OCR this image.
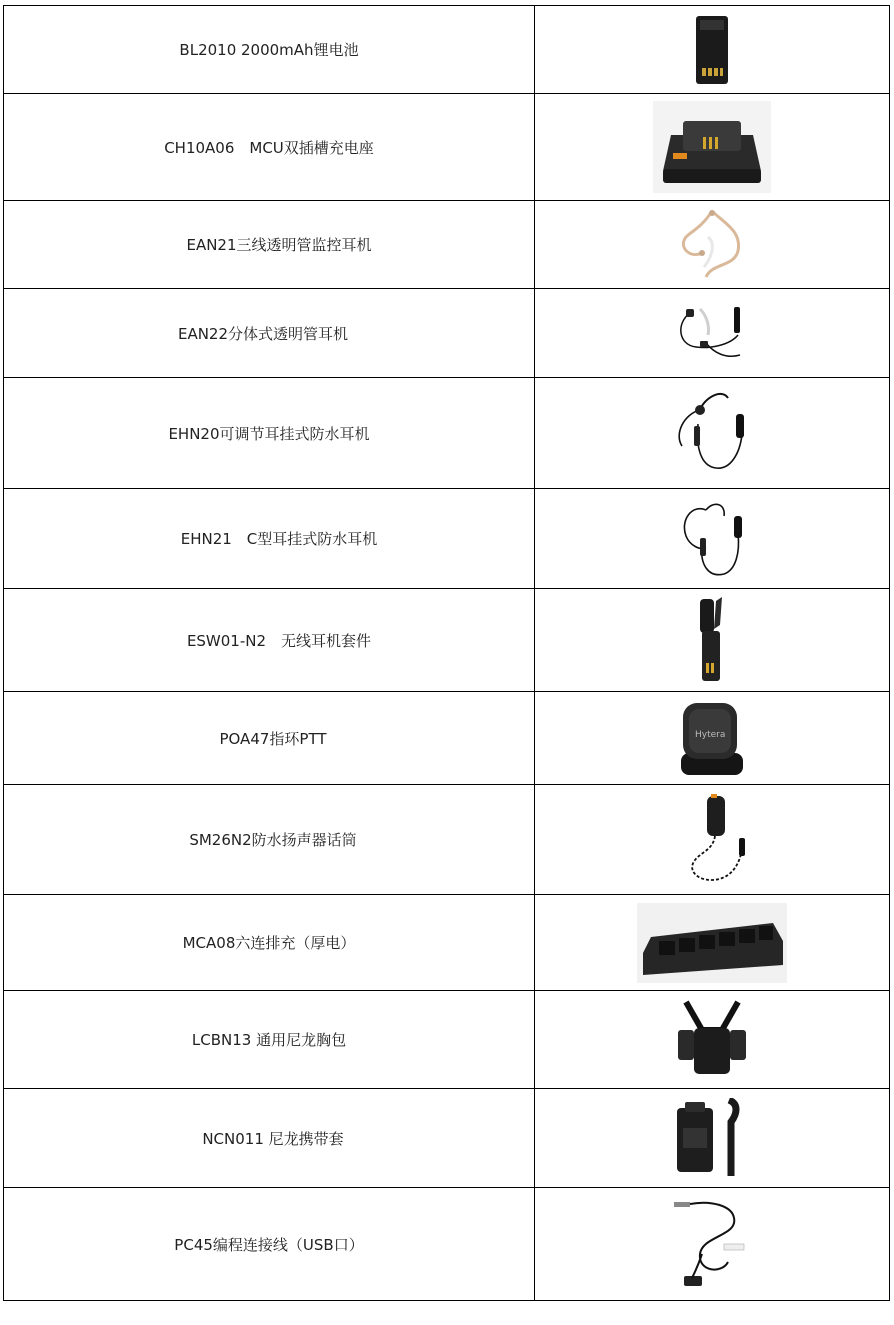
BL2010 2000mAh锂电池	

CH10A06　MCU双插槽充电座	

EAN21三线透明管监控耳机	

EAN22分体式透明管耳机	

EHN20可调节耳挂式防水耳机	

EHN21　C型耳挂式防水耳机	

ESW01-N2　无线耳机套件	

POA47指环PTT	Hytera

SM26N2防水扬声器话筒	

MCA08六连排充（厚电）	

LCBN13 通用尼龙胸包	

NCN011 尼龙携带套	

PC45编程连接线（USB口）	
